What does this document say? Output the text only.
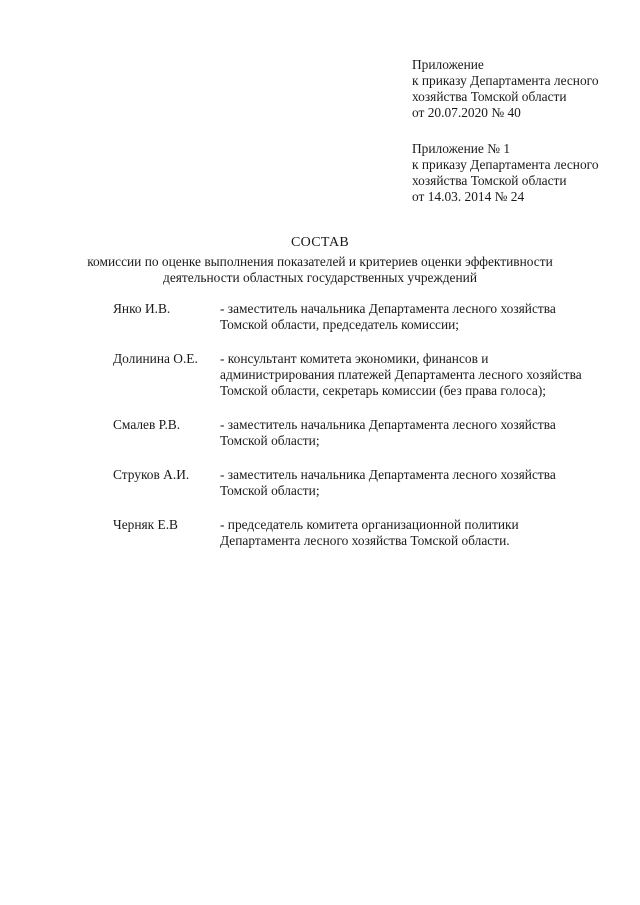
Приложение
к приказу Департамента лесного
хозяйства Томской области
от 20.07.2020 № 40
Приложение № 1
к приказу Департамента лесного
хозяйства Томской области
от 14.03. 2014 № 24
СОСТАВ
комиссии по оценке выполнения показателей и критериев оценки эффективности
деятельности областных государственных учреждений
Янко И.В.	- заместитель начальника Департамента лесного хозяйства
Томской области, председатель комиссии;
Долинина О.Е.	- консультант комитета экономики, финансов и
администрирования платежей Департамента лесного хозяйства
Томской области, секретарь комиссии (без права голоса);
Смалев Р.В.	- заместитель начальника Департамента лесного хозяйства
Томской области;
Струков А.И.	- заместитель начальника Департамента лесного хозяйства
Томской области;
Черняк Е.В	- председатель комитета организационной политики
Департамента лесного хозяйства Томской области.
